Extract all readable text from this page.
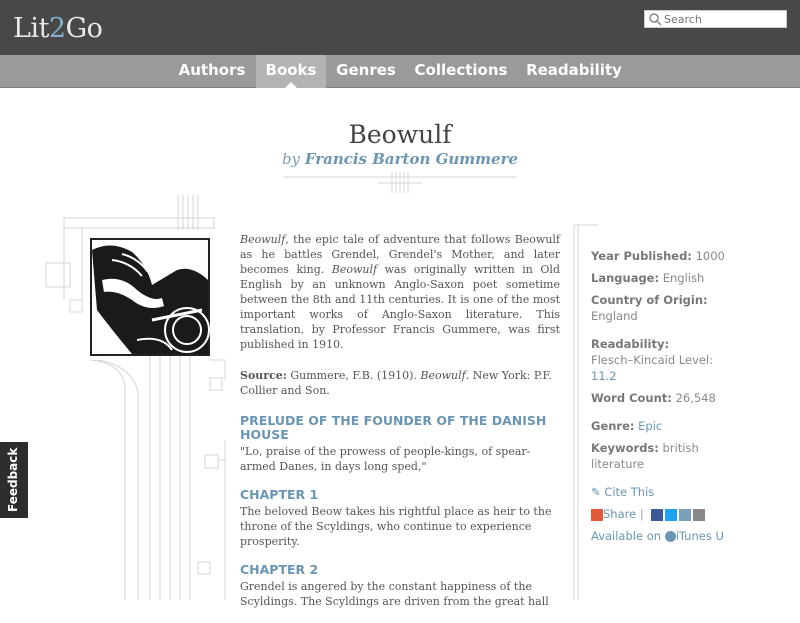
Lit2Go
Search
Authors	Books	Genres	Collections	Readability
Beowulf
by Francis Barton Gummere

Beowulf, the epic tale of adventure that follows Beowulf as he battles Grendel, Grendel's Mother, and later becomes king. Beowulf was originally written in Old English by an unknown Anglo-Saxon poet sometime between the 8th and 11th centuries. It is one of the most important works of Anglo-Saxon literature. This translation, by Professor Francis Gummere, was first published in 1910.

Source: Gummere, F.B. (1910). Beowulf. New York: P.F. Collier and Son.

PRELUDE OF THE FOUNDER OF THE DANISH HOUSE

"Lo, praise of the prowess of people-kings, of spear-armed Danes, in days long sped,"

CHAPTER 1

The beloved Beow takes his rightful place as heir to the throne of the Scyldings, who continue to experience prosperity.

CHAPTER 2

Grendel is angered by the constant happiness of the Scyldings. The Scyldings are driven from the great hall

Year Published: 1000
Language: English
Country of Origin:
England
Readability:
Flesch–Kincaid Level: 11.2
Word Count: 26,548
Genre: Epic
Keywords: british literature
✎ Cite This
Share |
Available on iTunes U
Feedback
